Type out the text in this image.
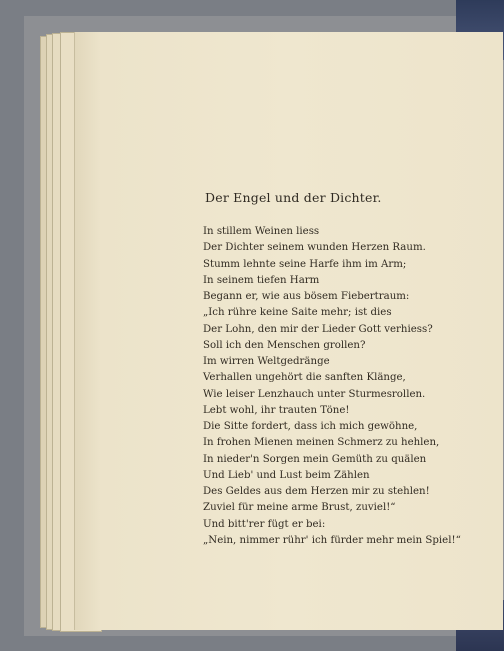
Der Engel und der Dichter.
In stillem Weinen liess
Der Dichter seinem wunden Herzen Raum.
Stumm lehnte seine Harfe ihm im Arm;
In seinem tiefen Harm
Begann er, wie aus bösem Fiebertraum:
„Ich rühre keine Saite mehr; ist dies
Der Lohn, den mir der Lieder Gott verhiess?
Soll ich den Menschen grollen?
Im wirren Weltgedränge
Verhallen ungehört die sanften Klänge,
Wie leiser Lenzhauch unter Sturmesrollen.
Lebt wohl, ihr trauten Töne!
Die Sitte fordert, dass ich mich gewöhne,
In frohen Mienen meinen Schmerz zu hehlen,
In nieder'n Sorgen mein Gemüth zu quälen
Und Lieb' und Lust beim Zählen
Des Geldes aus dem Herzen mir zu stehlen!
Zuviel für meine arme Brust, zuviel!“
Und bitt'rer fügt er bei:
„Nein, nimmer rühr' ich fürder mehr mein Spiel!“
